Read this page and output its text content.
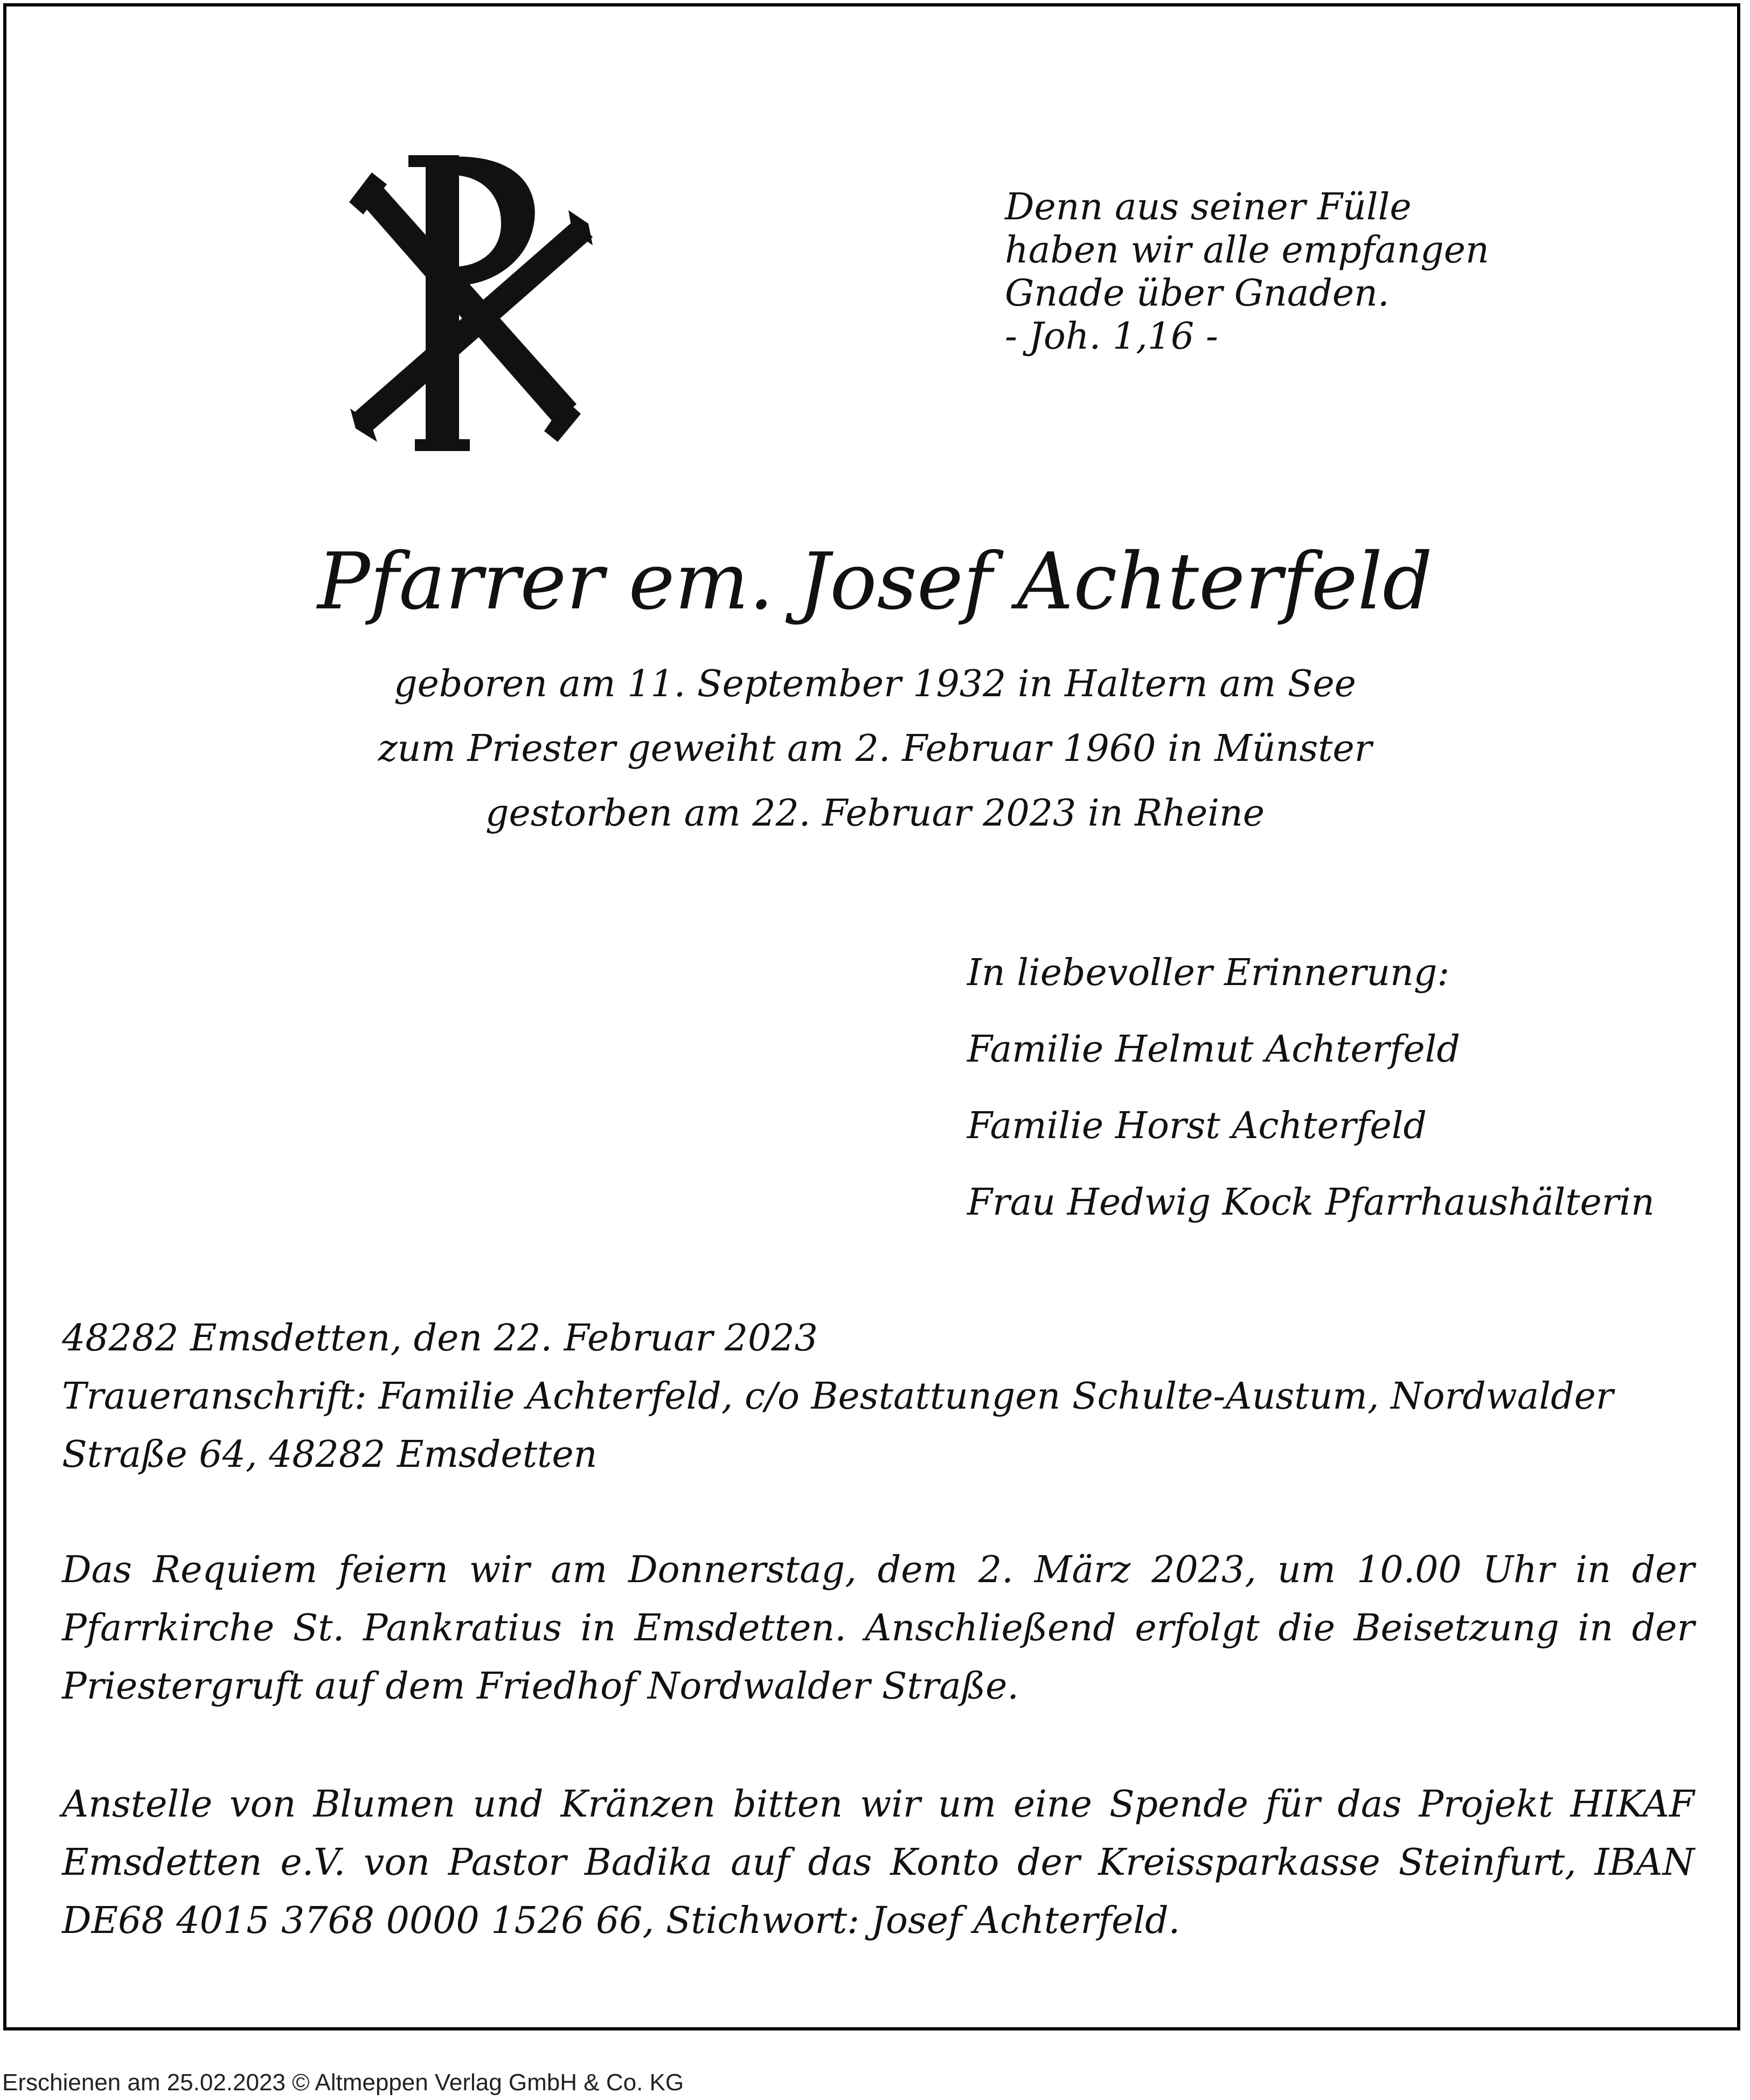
Denn aus seiner Fülle
haben wir alle empfangen
Gnade über Gnaden.
- Joh. 1,16 -
Pfarrer em. Josef Achterfeld
geboren am 11. September 1932 in Haltern am See
zum Priester geweiht am 2. Februar 1960 in Münster
gestorben am 22. Februar 2023 in Rheine
In liebevoller Erinnerung:
Familie Helmut Achterfeld
Familie Horst Achterfeld
Frau Hedwig Kock Pfarrhaushälterin
48282 Emsdetten, den 22. Februar 2023
Traueranschrift: Familie Achterfeld, c/o Bestattungen Schulte-Austum, Nordwalder Straße 64, 48282 Emsdetten
Das Requiem feiern wir am Donnerstag, dem 2. März 2023, um 10.00 Uhr in der Pfarrkirche St. Pankratius in Emsdetten. Anschließend erfolgt die Beisetzung in der Priestergruft auf dem Friedhof Nordwalder Straße.
Anstelle von Blumen und Kränzen bitten wir um eine Spende für das Projekt HIKAF Emsdetten e.V. von Pastor Badika auf das Konto der Kreissparkasse Steinfurt, IBAN DE68 4015 3768 0000 1526 66, Stichwort: Josef Achterfeld.
Erschienen am 25.02.2023 © Altmeppen Verlag GmbH & Co. KG
